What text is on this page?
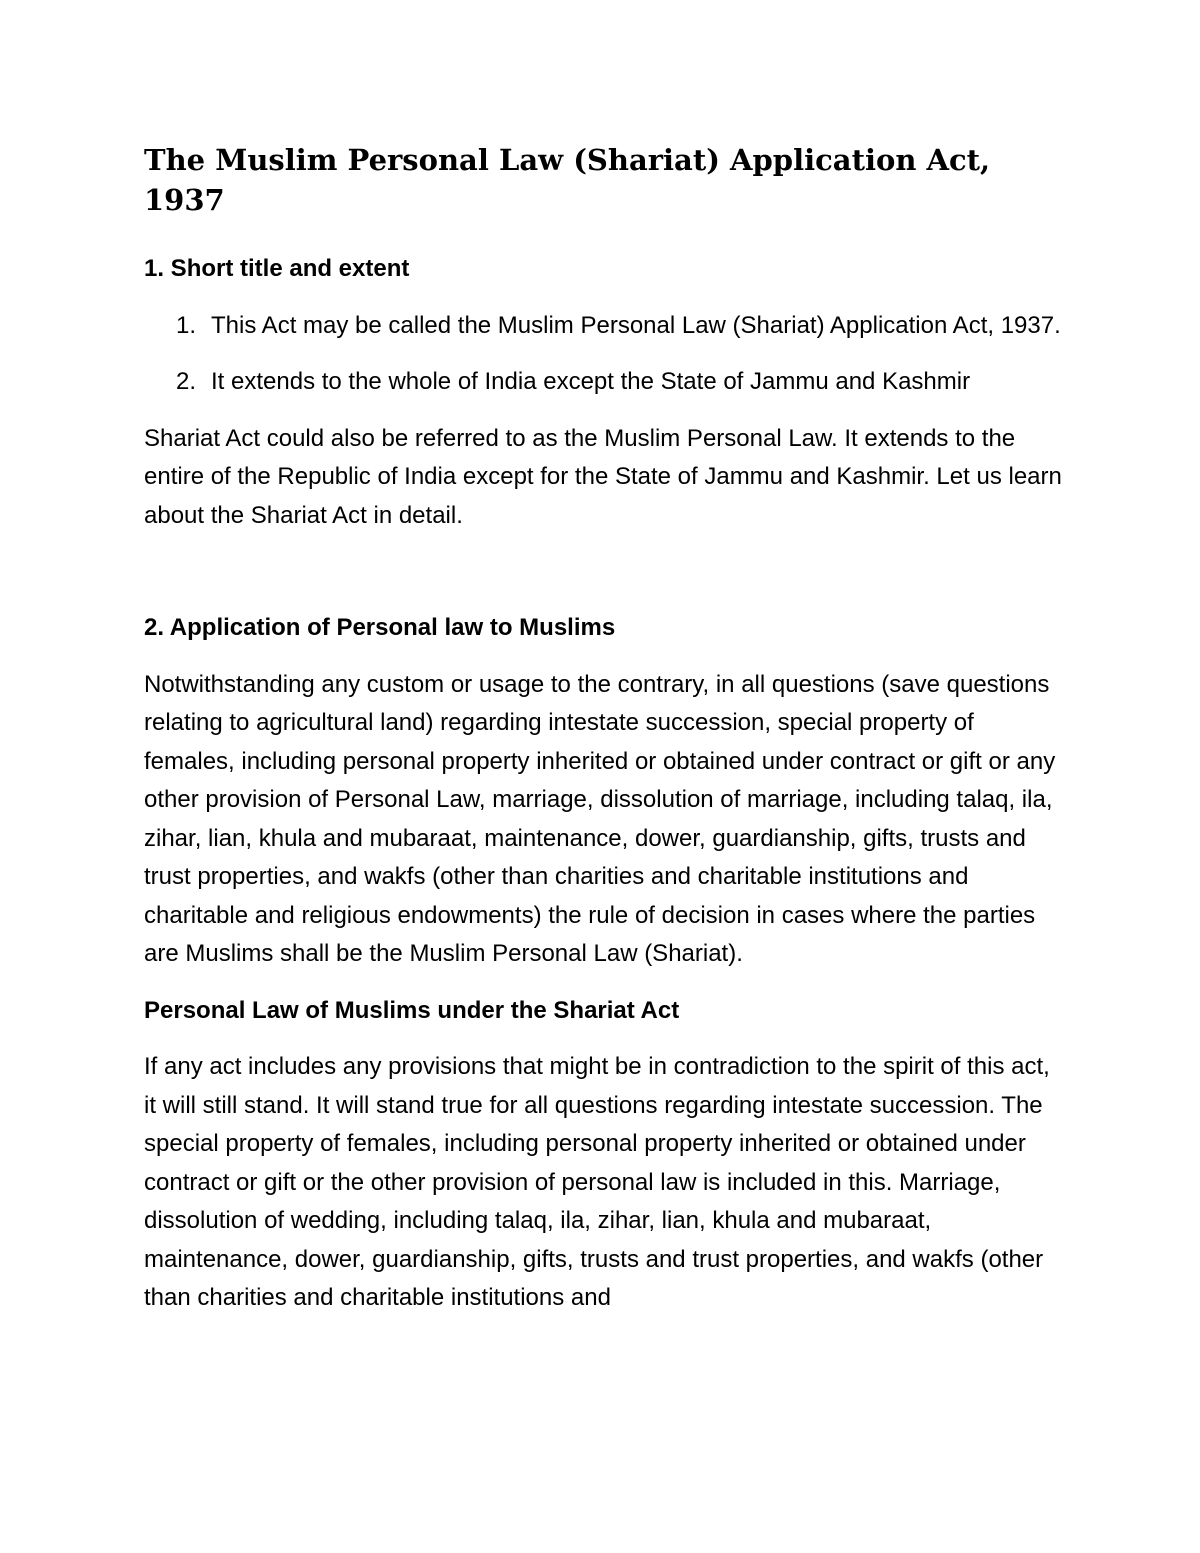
The Muslim Personal Law (Shariat) Application Act, 1937
1. Short title and extent
1. This Act may be called the Muslim Personal Law (Shariat) Application Act, 1937.
2. It extends to the whole of India except the State of Jammu and Kashmir

Shariat Act could also be referred to as the Muslim Personal Law. It extends to the entire of the Republic of India except for the State of Jammu and Kashmir. Let us learn about the Shariat Act in detail.

2. Application of Personal law to Muslims

Notwithstanding any custom or usage to the contrary, in all questions (save questions relating to agricultural land) regarding intestate succession, special property of females, including personal property inherited or obtained under contract or gift or any other provision of Personal Law, marriage, dissolution of marriage, including talaq, ila, zihar, lian, khula and mubaraat, maintenance, dower, guardianship, gifts, trusts and trust properties, and wakfs (other than charities and charitable institutions and charitable and religious endowments) the rule of decision in cases where the parties are Muslims shall be the Muslim Personal Law (Shariat).

Personal Law of Muslims under the Shariat Act

If any act includes any provisions that might be in contradiction to the spirit of this act, it will still stand. It will stand true for all questions regarding intestate succession. The special property of females, including personal property inherited or obtained under contract or gift or the other provision of personal law is included in this. Marriage, dissolution of wedding, including talaq, ila, zihar, lian, khula and mubaraat, maintenance, dower, guardianship, gifts, trusts and trust properties, and wakfs (other than charities and charitable institutions and
